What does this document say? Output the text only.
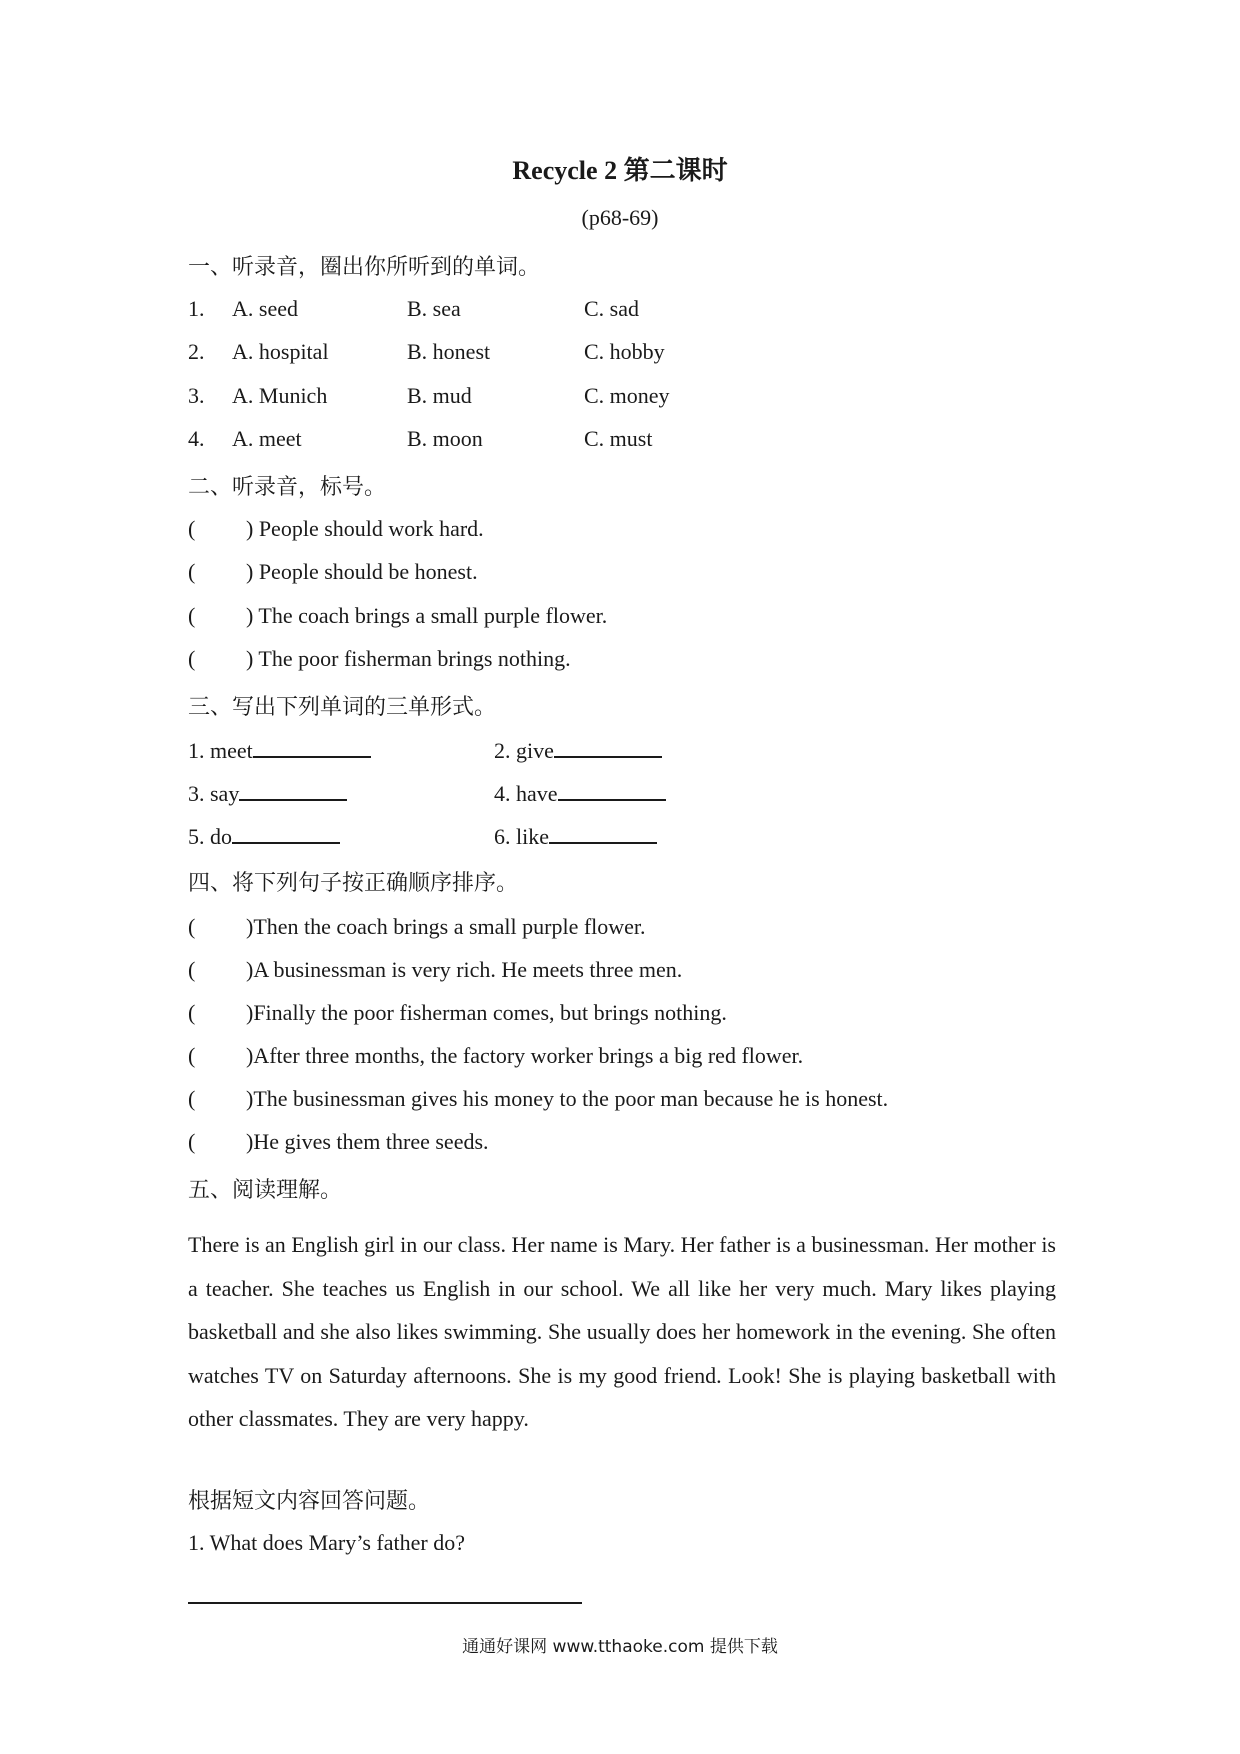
Recycle 2 第二课时
(p68-69)
一、听录音，圈出你所听到的单词。
1. A. seed	B. sea	C. sad
2. A. hospital	B. honest	C. hobby
3. A. Munich	B. mud	C. money
4. A. meet	B. moon	C. must
二、听录音，标号。
( ) People should work hard.
( ) People should be honest.
( ) The coach brings a small purple flower.
( ) The poor fisherman brings nothing.
三、写出下列单词的三单形式。
1. meet	2. give
3. say	4. have
5. do	6. like
四、将下列句子按正确顺序排序。
( )Then the coach brings a small purple flower.
( )A businessman is very rich. He meets three men.
( )Finally the poor fisherman comes, but brings nothing.
( )After three months, the factory worker brings a big red flower.
( )The businessman gives his money to the poor man because he is honest.
( )He gives them three seeds.
五、阅读理解。
There is an English girl in our class. Her name is Mary. Her father is a businessman. Her mother is a teacher. She teaches us English in our school. We all like her very much. Mary likes playing basketball and she also likes swimming. She usually does her homework in the evening. She often watches TV on Saturday afternoons. She is my good friend. Look! She is playing basketball with other classmates. They are very happy.
根据短文内容回答问题。
1. What does Mary’s father do?
通通好课网 www.tthaoke.com 提供下载
